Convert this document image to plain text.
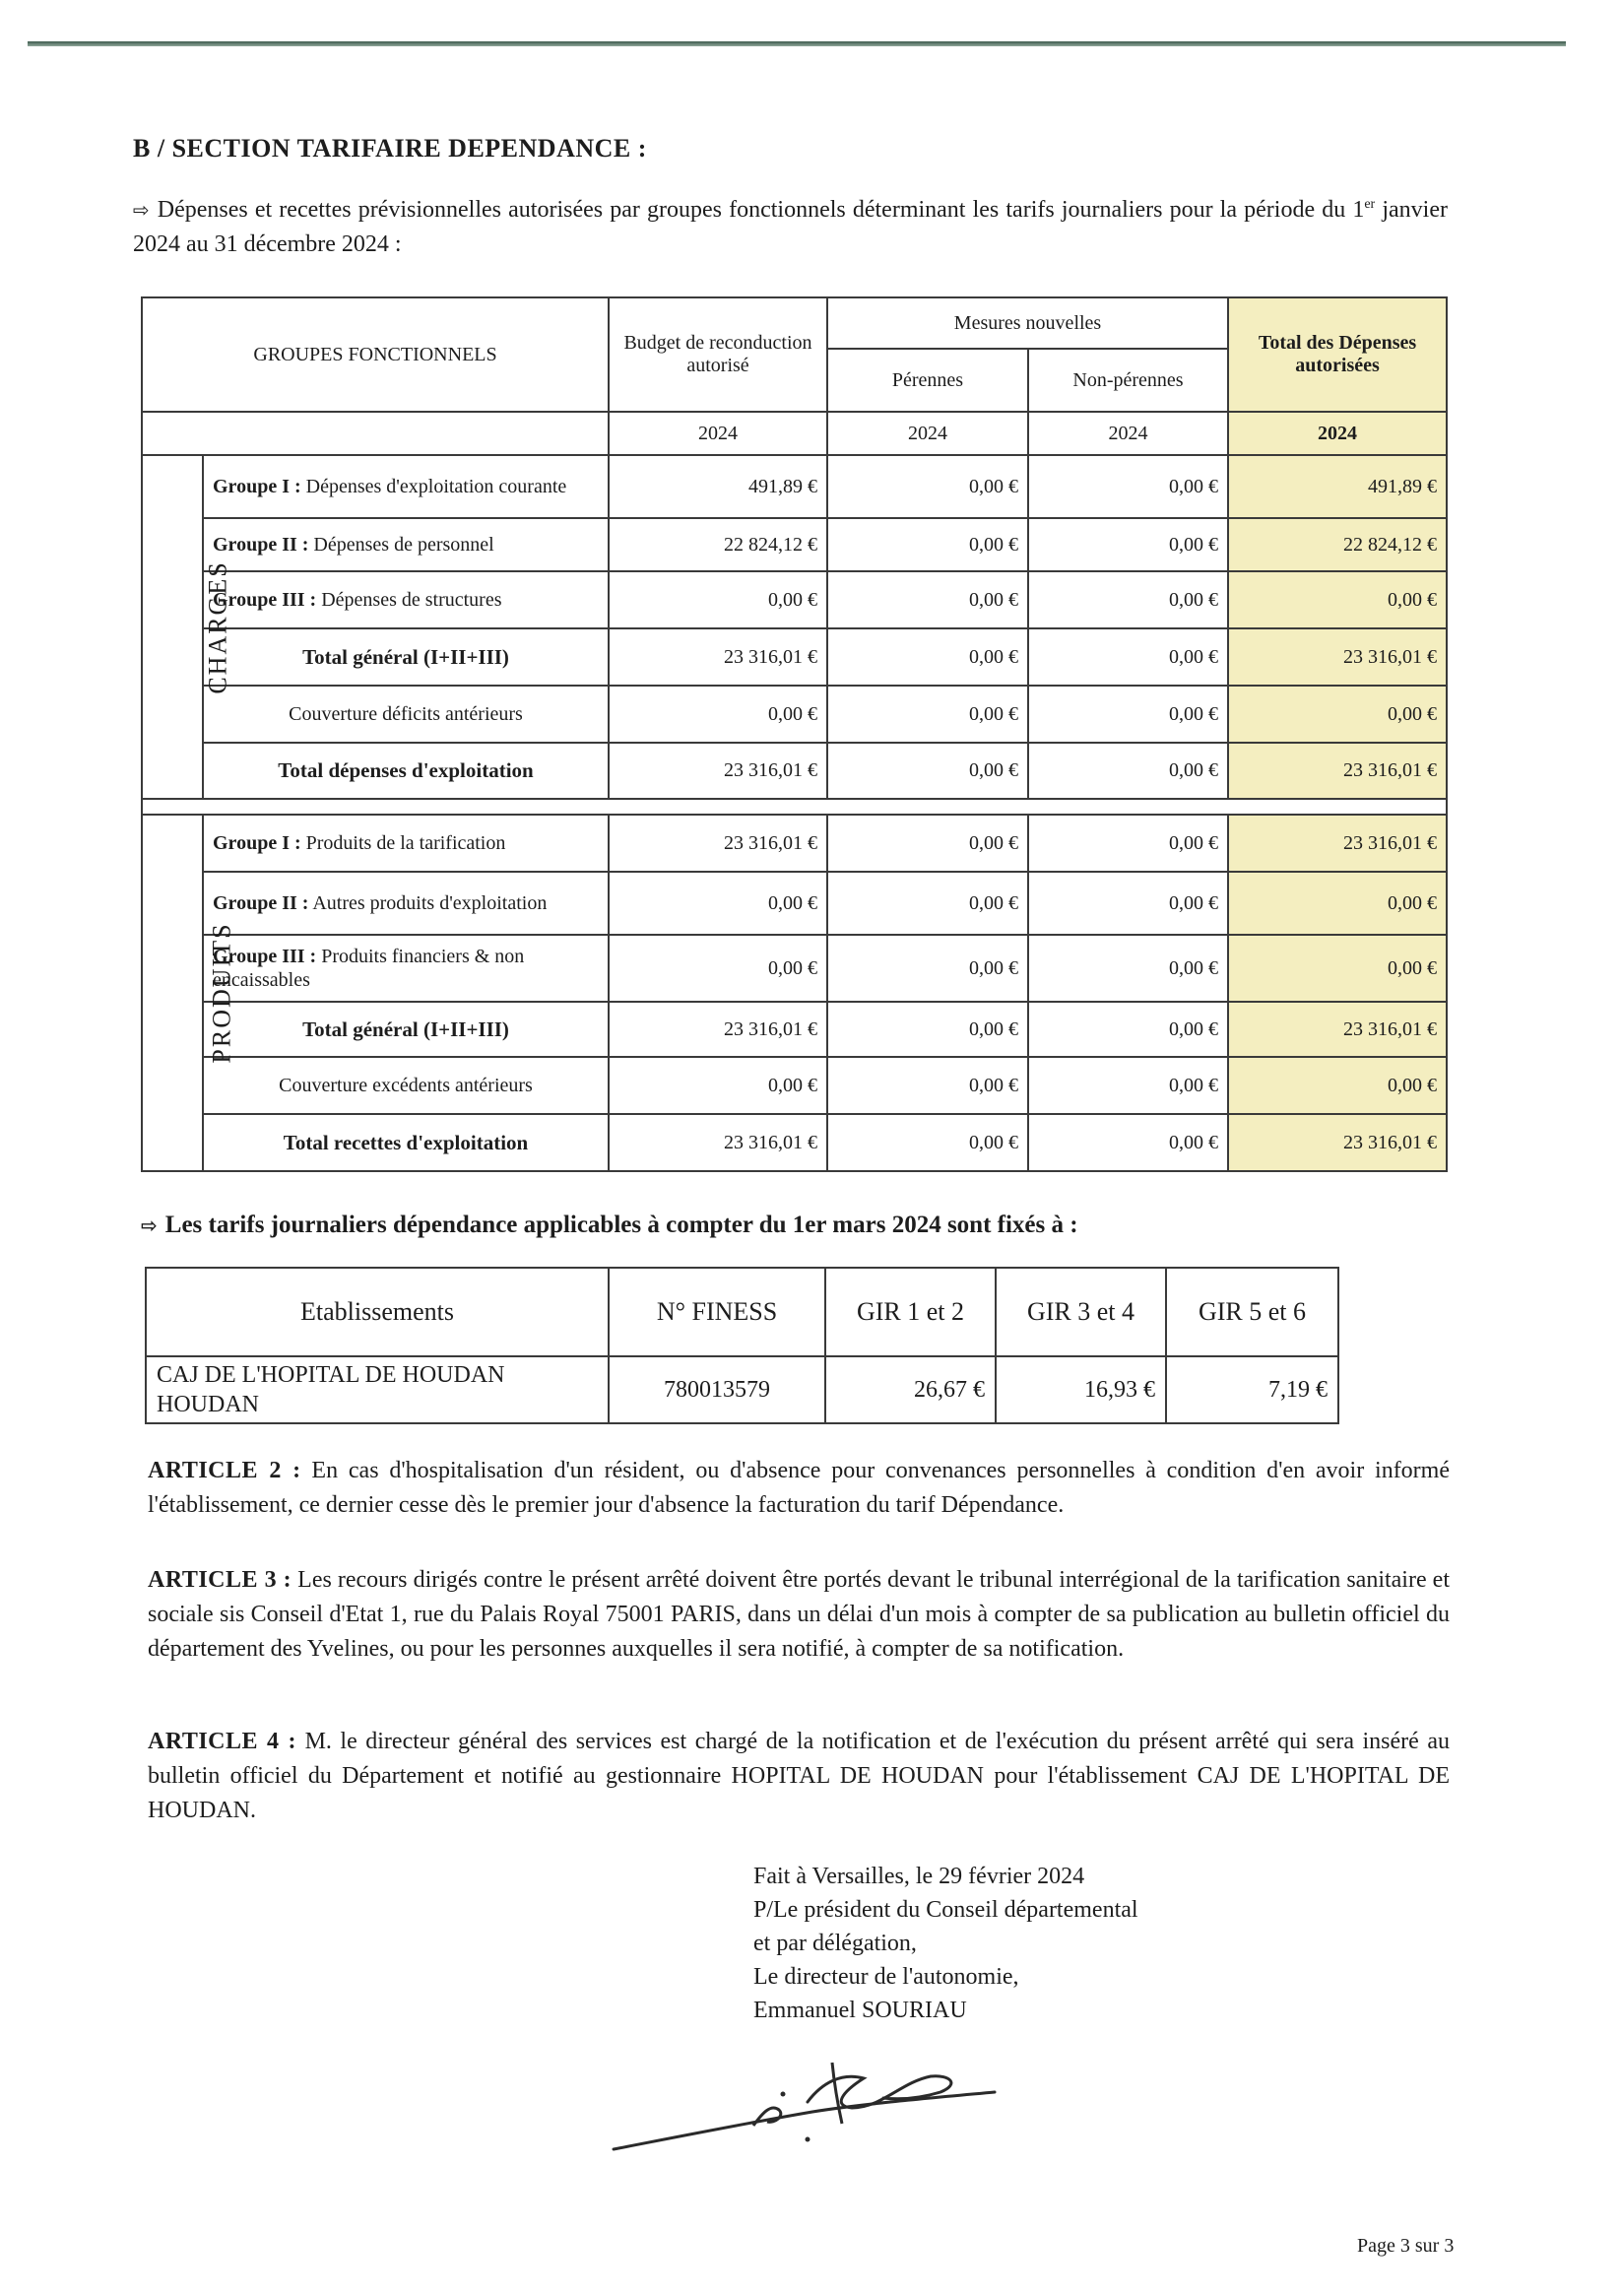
B / SECTION TARIFAIRE DEPENDANCE :
⇨ Dépenses et recettes prévisionnelles autorisées par groupes fonctionnels déterminant les tarifs journaliers pour la période du 1er janvier 2024 au 31 décembre 2024 :
GROUPES FONCTIONNELS		Budget de reconduction autorisé	Mesures nouvelles		Total des Dépenses autorisées
			Pérennes	Non-pérennes	
		2024	2024	2024	2024
CHARGES	Groupe I : Dépenses d'exploitation courante	491,89 €	0,00 €	0,00 €	491,89 €
	Groupe II : Dépenses de personnel	22 824,12 €	0,00 €	0,00 €	22 824,12 €
	Groupe III : Dépenses de structures	0,00 €	0,00 €	0,00 €	0,00 €
	Total général (I+II+III)	23 316,01 €	0,00 €	0,00 €	23 316,01 €
	Couverture déficits antérieurs	0,00 €	0,00 €	0,00 €	0,00 €
	Total dépenses d'exploitation	23 316,01 €	0,00 €	0,00 €	23 316,01 €

PRODUITS	Groupe I : Produits de la tarification	23 316,01 €	0,00 €	0,00 €	23 316,01 €
	Groupe II : Autres produits d'exploitation	0,00 €	0,00 €	0,00 €	0,00 €
	Groupe III : Produits financiers & non encaissables	0,00 €	0,00 €	0,00 €	0,00 €
	Total général (I+II+III)	23 316,01 €	0,00 €	0,00 €	23 316,01 €
	Couverture excédents antérieurs	0,00 €	0,00 €	0,00 €	0,00 €
	Total recettes d'exploitation	23 316,01 €	0,00 €	0,00 €	23 316,01 €
⇨ Les tarifs journaliers dépendance applicables à compter du 1er mars 2024 sont fixés à :
Etablissements	N° FINESS	GIR 1 et 2	GIR 3 et 4	GIR 5 et 6
CAJ DE L'HOPITAL DE HOUDAN
HOUDAN	780013579	26,67 €	16,93 €	7,19 €
ARTICLE 2 : En cas d'hospitalisation d'un résident, ou d'absence pour convenances personnelles à condition d'en avoir informé l'établissement, ce dernier cesse dès le premier jour d'absence la facturation du tarif Dépendance.
ARTICLE 3 : Les recours dirigés contre le présent arrêté doivent être portés devant le tribunal interrégional de la tarification sanitaire et sociale sis Conseil d'Etat 1, rue du Palais Royal 75001 PARIS, dans un délai d'un mois à compter de sa publication au bulletin officiel du département des Yvelines, ou pour les personnes auxquelles il sera notifié, à compter de sa notification.
ARTICLE 4 : M. le directeur général des services est chargé de la notification et de l'exécution du présent arrêté qui sera inséré au bulletin officiel du Département et notifié au gestionnaire HOPITAL DE HOUDAN pour l'établissement CAJ DE L'HOPITAL DE HOUDAN.
Fait à Versailles, le 29 février 2024
P/Le président du Conseil départemental
et par délégation,
Le directeur de l'autonomie,
Emmanuel SOURIAU
Page 3 sur 3
